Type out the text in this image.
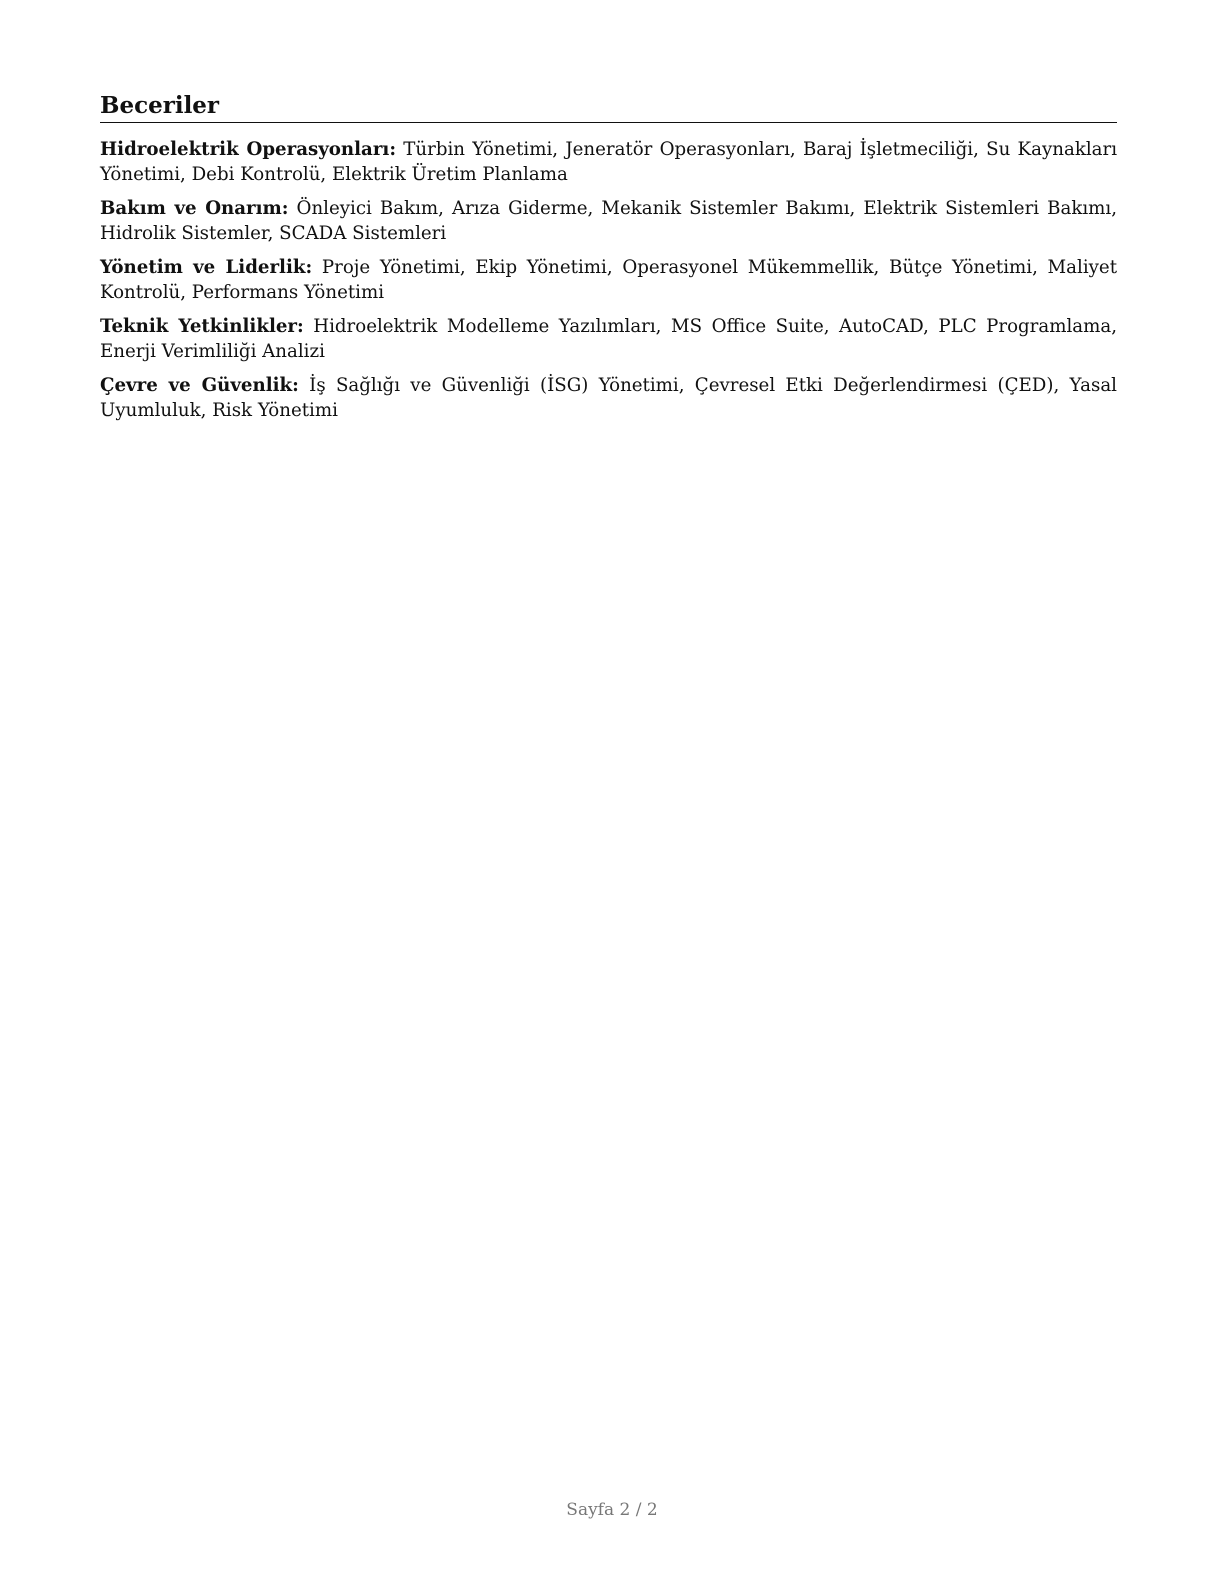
Beceriler

Hidroelektrik Operasyonları: Türbin Yönetimi, Jeneratör Operasyonları, Baraj İşletmeciliği, Su Kaynakları Yönetimi, Debi Kontrolü, Elektrik Üretim Planlama

Bakım ve Onarım: Önleyici Bakım, Arıza Giderme, Mekanik Sistemler Bakımı, Elektrik Sistemleri Bakımı, Hidrolik Sistemler, SCADA Sistemleri

Yönetim ve Liderlik: Proje Yönetimi, Ekip Yönetimi, Operasyonel Mükemmellik, Bütçe Yönetimi, Maliyet Kontrolü, Performans Yönetimi

Teknik Yetkinlikler: Hidroelektrik Modelleme Yazılımları, MS Office Suite, AutoCAD, PLC Programlama, Enerji Verimliliği Analizi

Çevre ve Güvenlik: İş Sağlığı ve Güvenliği (İSG) Yönetimi, Çevresel Etki Değerlendirmesi (ÇED), Yasal Uyumluluk, Risk Yönetimi

Sayfa 2 / 2
